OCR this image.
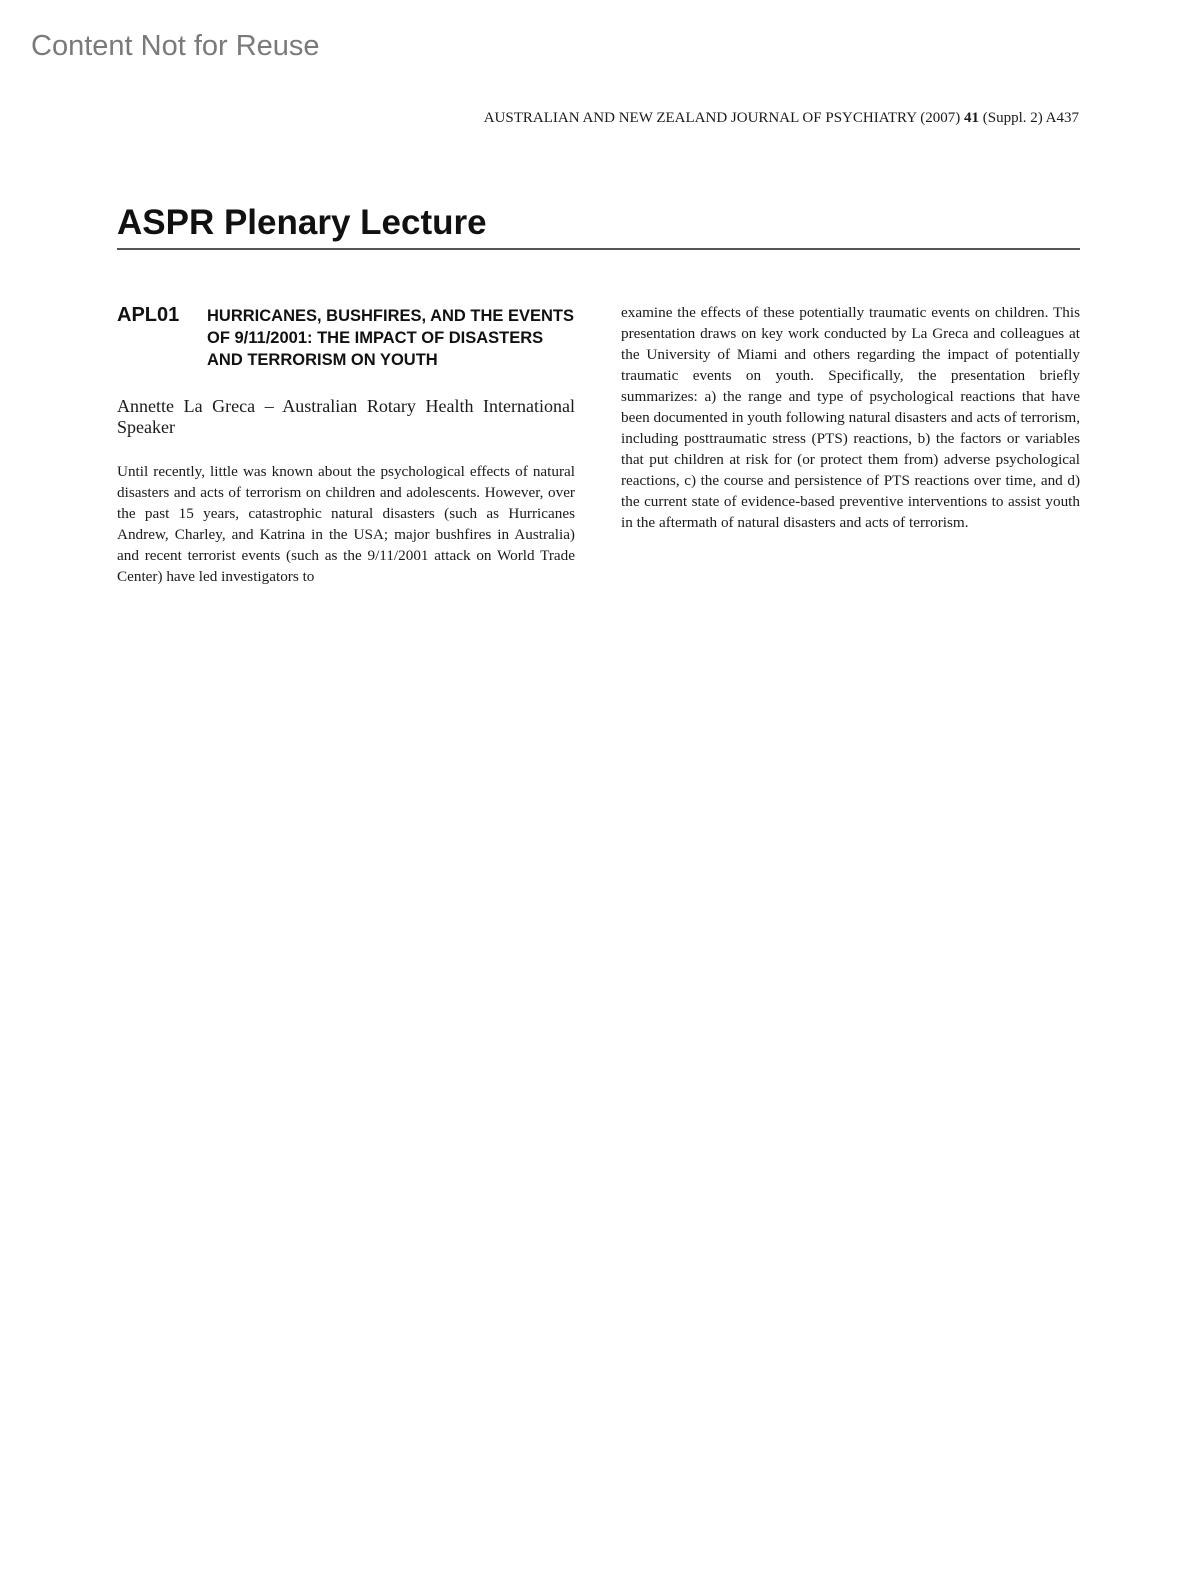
Content Not for Reuse
AUSTRALIAN AND NEW ZEALAND JOURNAL OF PSYCHIATRY (2007) 41 (Suppl. 2) A437
ASPR Plenary Lecture
APL01	HURRICANES, BUSHFIRES, AND THE EVENTS OF 9/11/2001: THE IMPACT OF DISASTERS AND TERRORISM ON YOUTH
Annette La Greca – Australian Rotary Health International Speaker
Until recently, little was known about the psychological effects of natural disasters and acts of terrorism on children and adolescents. However, over the past 15 years, catastrophic natural disasters (such as Hurricanes Andrew, Charley, and Katrina in the USA; major bushfires in Australia) and recent terrorist events (such as the 9/11/2001 attack on World Trade Center) have led investigators to
examine the effects of these potentially traumatic events on children. This presentation draws on key work conducted by La Greca and colleagues at the University of Miami and others regarding the impact of potentially traumatic events on youth. Specifically, the presentation briefly summarizes: a) the range and type of psychological reactions that have been documented in youth following natural disasters and acts of terrorism, including posttraumatic stress (PTS) reactions, b) the factors or variables that put children at risk for (or protect them from) adverse psychological reactions, c) the course and persistence of PTS reactions over time, and d) the current state of evidence-based preventive interventions to assist youth in the aftermath of natural disasters and acts of terrorism.
